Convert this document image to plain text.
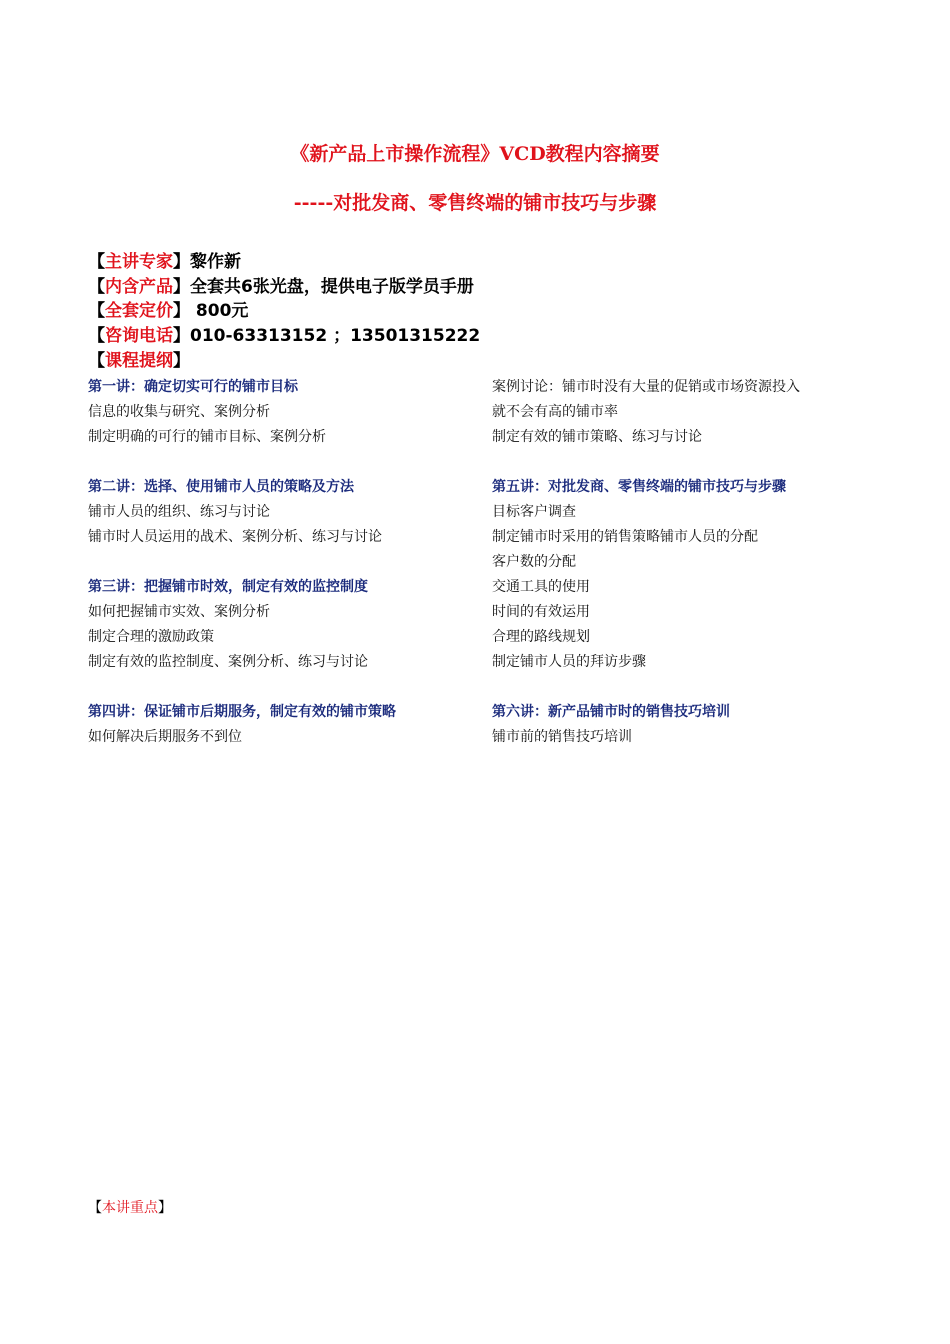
《新产品上市操作流程》VCD教程内容摘要
-----对批发商、零售终端的铺市技巧与步骤
【主讲专家】黎作新
【内含产品】全套共6张光盘，提供电子版学员手册
【全套定价】 800元
【咨询电话】010-63313152 ；13501315222
【课程提纲】
第一讲：确定切实可行的铺市目标
信息的收集与研究、案例分析
制定明确的可行的铺市目标、案例分析
第二讲：选择、使用铺市人员的策略及方法
铺市人员的组织、练习与讨论
铺市时人员运用的战术、案例分析、练习与讨论
第三讲：把握铺市时效，制定有效的监控制度
如何把握铺市实效、案例分析
制定合理的激励政策
制定有效的监控制度、案例分析、练习与讨论
第四讲：保证铺市后期服务，制定有效的铺市策略
如何解决后期服务不到位
案例讨论：铺市时没有大量的促销或市场资源投入
就不会有高的铺市率
制定有效的铺市策略、练习与讨论
第五讲：对批发商、零售终端的铺市技巧与步骤
目标客户调查
制定铺市时采用的销售策略铺市人员的分配
客户数的分配
交通工具的使用
时间的有效运用
合理的路线规划
制定铺市人员的拜访步骤
第六讲：新产品铺市时的销售技巧培训
铺市前的销售技巧培训
【本讲重点】
